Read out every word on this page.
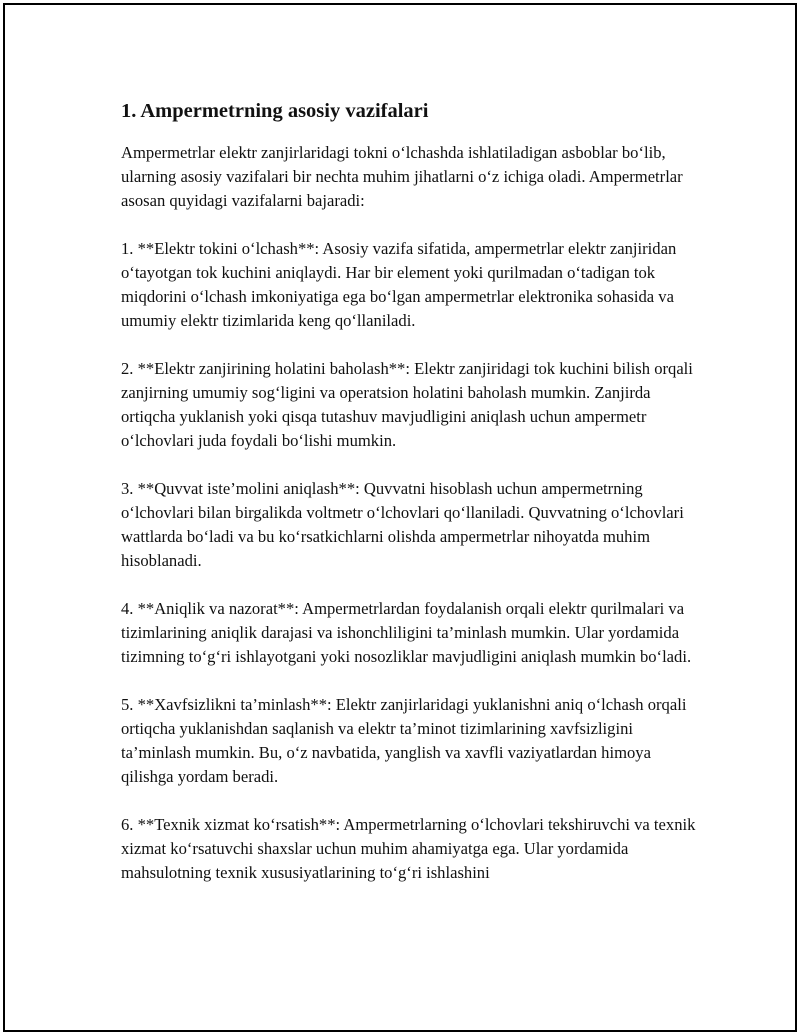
1. Ampermetrning asosiy vazifalari

Ampermetrlar elektr zanjirlaridagi tokni o‘lchashda ishlatiladigan asboblar bo‘lib, ularning asosiy vazifalari bir nechta muhim jihatlarni o‘z ichiga oladi. Ampermetrlar asosan quyidagi vazifalarni bajaradi:

1. **Elektr tokini o‘lchash**: Asosiy vazifa sifatida, ampermetrlar elektr zanjiridan o‘tayotgan tok kuchini aniqlaydi. Har bir element yoki qurilmadan o‘tadigan tok miqdorini o‘lchash imkoniyatiga ega bo‘lgan ampermetrlar elektronika sohasida va umumiy elektr tizimlarida keng qo‘llaniladi.

2. **Elektr zanjirining holatini baholash**: Elektr zanjiridagi tok kuchini bilish orqali zanjirning umumiy sog‘ligini va operatsion holatini baholash mumkin. Zanjirda ortiqcha yuklanish yoki qisqa tutashuv mavjudligini aniqlash uchun ampermetr o‘lchovlari juda foydali bo‘lishi mumkin.

3. **Quvvat iste’molini aniqlash**: Quvvatni hisoblash uchun ampermetrning o‘lchovlari bilan birgalikda voltmetr o‘lchovlari qo‘llaniladi. Quvvatning o‘lchovlari wattlarda bo‘ladi va bu ko‘rsatkichlarni olishda ampermetrlar nihoyatda muhim hisoblanadi.

4. **Aniqlik va nazorat**: Ampermetrlardan foydalanish orqali elektr qurilmalari va tizimlarining aniqlik darajasi va ishonchliligini ta’minlash mumkin. Ular yordamida tizimning to‘g‘ri ishlayotgani yoki nosozliklar mavjudligini aniqlash mumkin bo‘ladi.

5. **Xavfsizlikni ta’minlash**: Elektr zanjirlaridagi yuklanishni aniq o‘lchash orqali ortiqcha yuklanishdan saqlanish va elektr ta’minot tizimlarining xavfsizligini ta’minlash mumkin. Bu, o‘z navbatida, yanglish va xavfli vaziyatlardan himoya qilishga yordam beradi.

6. **Texnik xizmat ko‘rsatish**: Ampermetrlarning o‘lchovlari tekshiruvchi va texnik xizmat ko‘rsatuvchi shaxslar uchun muhim ahamiyatga ega. Ular yordamida mahsulotning texnik xususiyatlarining to‘g‘ri ishlashini
